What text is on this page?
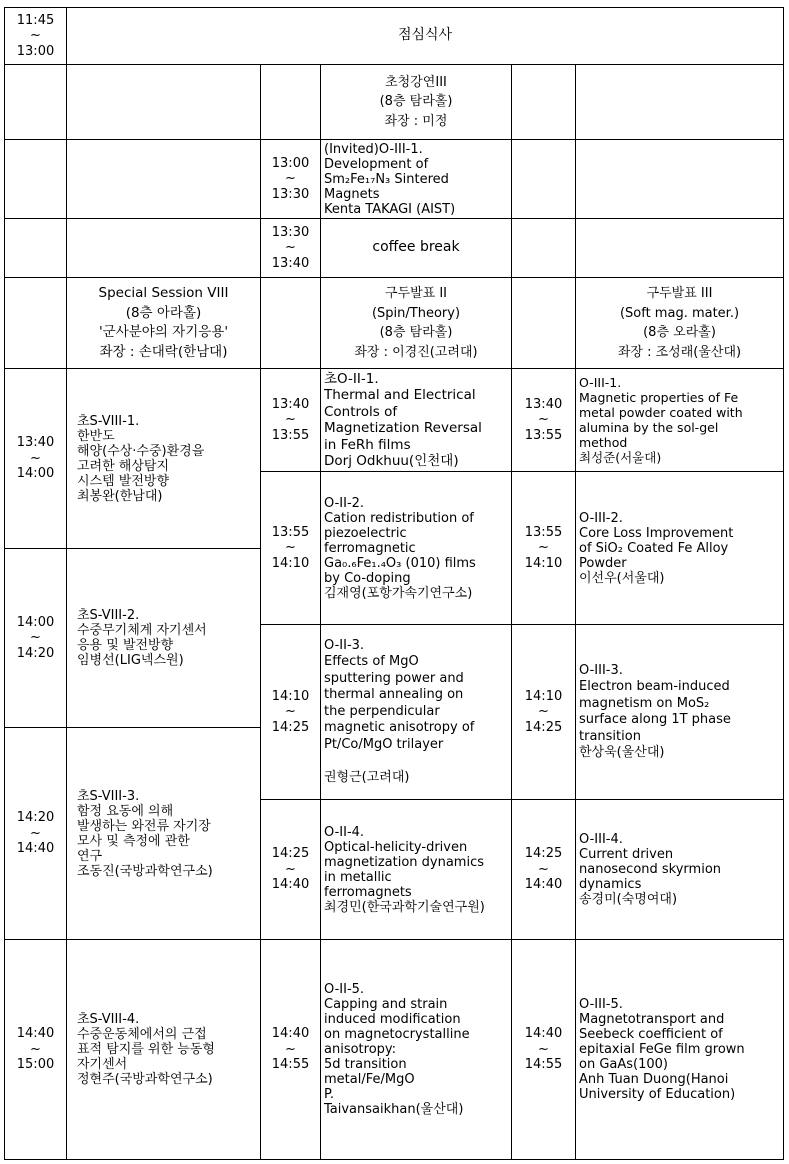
11:45
~
13:00
점심식사
초청강연III
(8층 탐라홀)
좌장 : 미정
13:00
~
13:30
(Invited)O-III-1.
Development of
Sm₂Fe₁₇N₃ Sintered
Magnets
Kenta TAKAGI (AIST)
13:30
~
13:40
coffee break
Special Session VIII
(8층 아라홀)
'군사분야의 자기응용'
좌장 : 손대락(한남대)
구두발표 II
(Spin/Theory)
(8층 탐라홀)
좌장 : 이경진(고려대)
구두발표 III
(Soft mag. mater.)
(8층 오라홀)
좌장 : 조성래(울산대)
13:40
~
14:00
초S-VIII-1.
한반도
해양(수상·수중)환경을
고려한 해상탐지
시스템 발전방향
최봉완(한남대)
14:00
~
14:20
초S-VIII-2.
수중무기체계 자기센서
응용 및 발전방향
임병선(LIG넥스원)
14:20
~
14:40
초S-VIII-3.
함정 요동에 의해
발생하는 와전류 자기장
모사 및 측정에 관한
연구
조동진(국방과학연구소)
14:40
~
15:00
초S-VIII-4.
수중운동체에서의 근접
표적 탐지를 위한 능동형
자기센서
정현주(국방과학연구소)
13:40
~
13:55
초O-II-1.
Thermal and Electrical
Controls of
Magnetization Reversal
in FeRh films
Dorj Odkhuu(인천대)
13:55
~
14:10
O-II-2.
Cation redistribution of
piezoelectric
ferromagnetic
Ga₀.₆Fe₁.₄O₃ (010) films
by Co-doping
김재영(포항가속기연구소)
14:10
~
14:25
O-II-3.
Effects of MgO
sputtering power and
thermal annealing on
the perpendicular
magnetic anisotropy of
Pt/Co/MgO trilayer

권형근(고려대)
14:25
~
14:40
O-II-4.
Optical-helicity-driven
magnetization dynamics
in metallic
ferromagnets
최경민(한국과학기술연구원)
14:40
~
14:55
O-II-5.
Capping and strain
induced modification
on magnetocrystalline
anisotropy:
5d transition
metal/Fe/MgO
P.
Taivansaikhan(울산대)
13:40
~
13:55
O-III-1.
Magnetic properties of Fe
metal powder coated with
alumina by the sol-gel
method
최성준(서울대)
13:55
~
14:10
O-III-2.
Core Loss Improvement
of SiO₂ Coated Fe Alloy
Powder
이선우(서울대)
14:10
~
14:25
O-III-3.
Electron beam-induced
magnetism on MoS₂
surface along 1T phase
transition
한상욱(울산대)
14:25
~
14:40
O-III-4.
Current driven
nanosecond skyrmion
dynamics
송경미(숙명여대)
14:40
~
14:55
O-III-5.
Magnetotransport and
Seebeck coefficient of
epitaxial FeGe film grown
on GaAs(100)
Anh Tuan Duong(Hanoi
University of Education)
